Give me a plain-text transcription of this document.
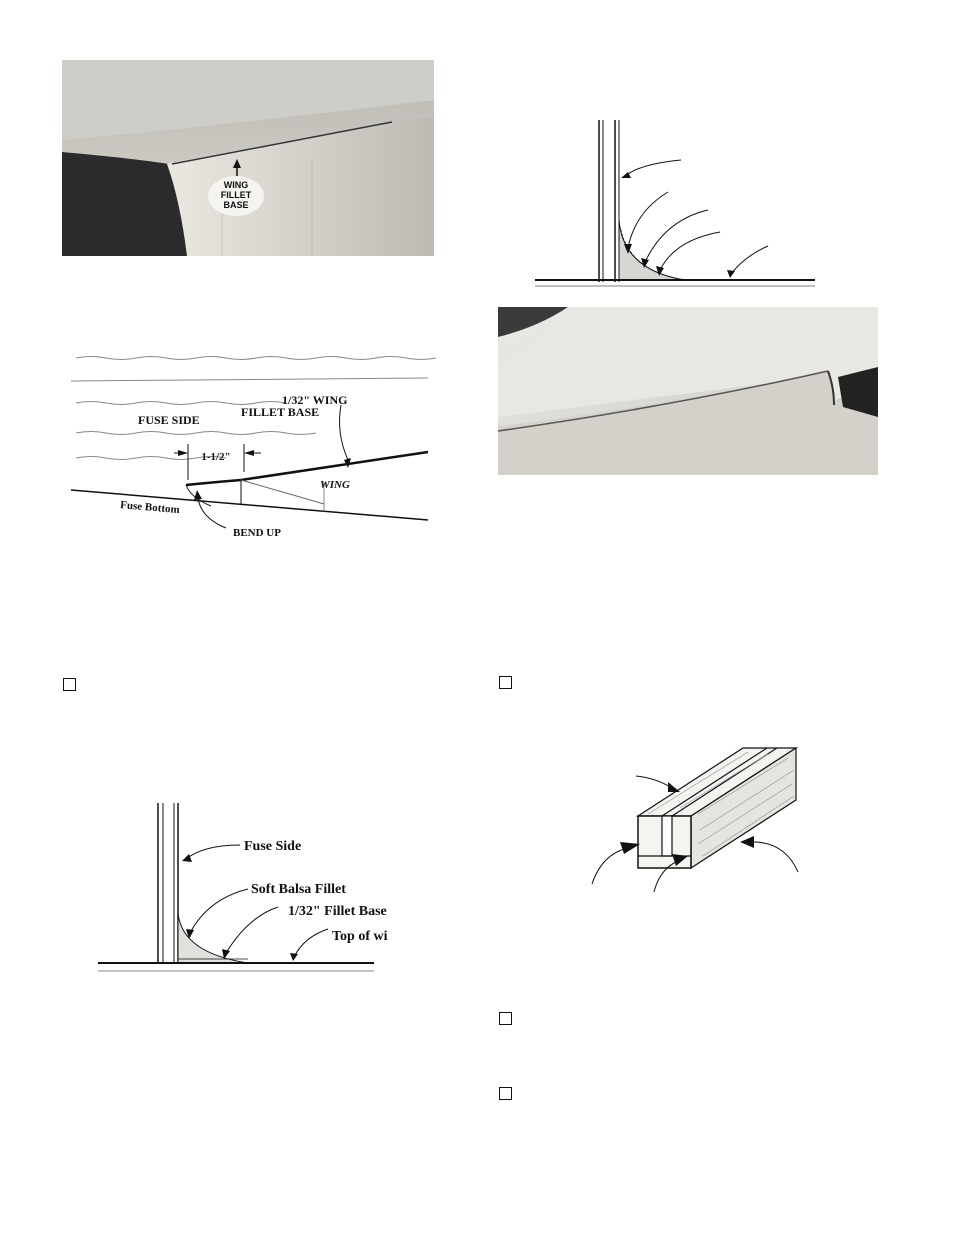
WING
FILLET
BASE
1-1/2"
1/32" WING
FILLET BASE
FUSE SIDE
WING
Fuse Bottom
BEND UP
Fuse Side
Soft Balsa Fillet
1/32" Fillet Base
Top of wi
